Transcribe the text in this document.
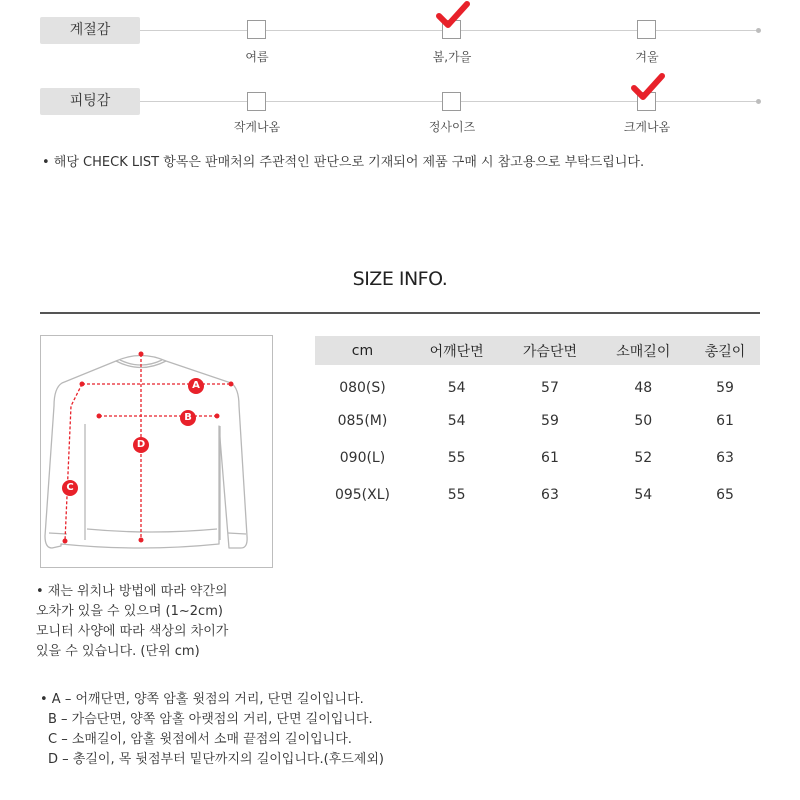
계절감
여름	봄,가을	겨울
피팅감
작게나옴	정사이즈	크게나옴
• 해당 CHECK LIST 항목은 판매처의 주관적인 판단으로 기재되어 제품 구매 시 참고용으로 부탁드립니다.
SIZE INFO.
A
B
C
D
cm	어깨단면	가슴단면	소매길이	총길이
080(S)	54	57	48	59
085(M)	54	59	50	61
090(L)	55	61	52	63
095(XL)	55	63	54	65
• 재는 위치나 방법에 따라 약간의
오차가 있을 수 있으며 (1~2cm)
모니터 사양에 따라 색상의 차이가
있을 수 있습니다. (단위 cm)
• A – 어깨단면, 양쪽 암홀 윗점의 거리, 단면 길이입니다.
B – 가슴단면, 양쪽 암홀 아랫점의 거리, 단면 길이입니다.
C – 소매길이, 암홀 윗점에서 소매 끝점의 길이입니다.
D – 총길이, 목 뒷점부터 밑단까지의 길이입니다.(후드제외)
